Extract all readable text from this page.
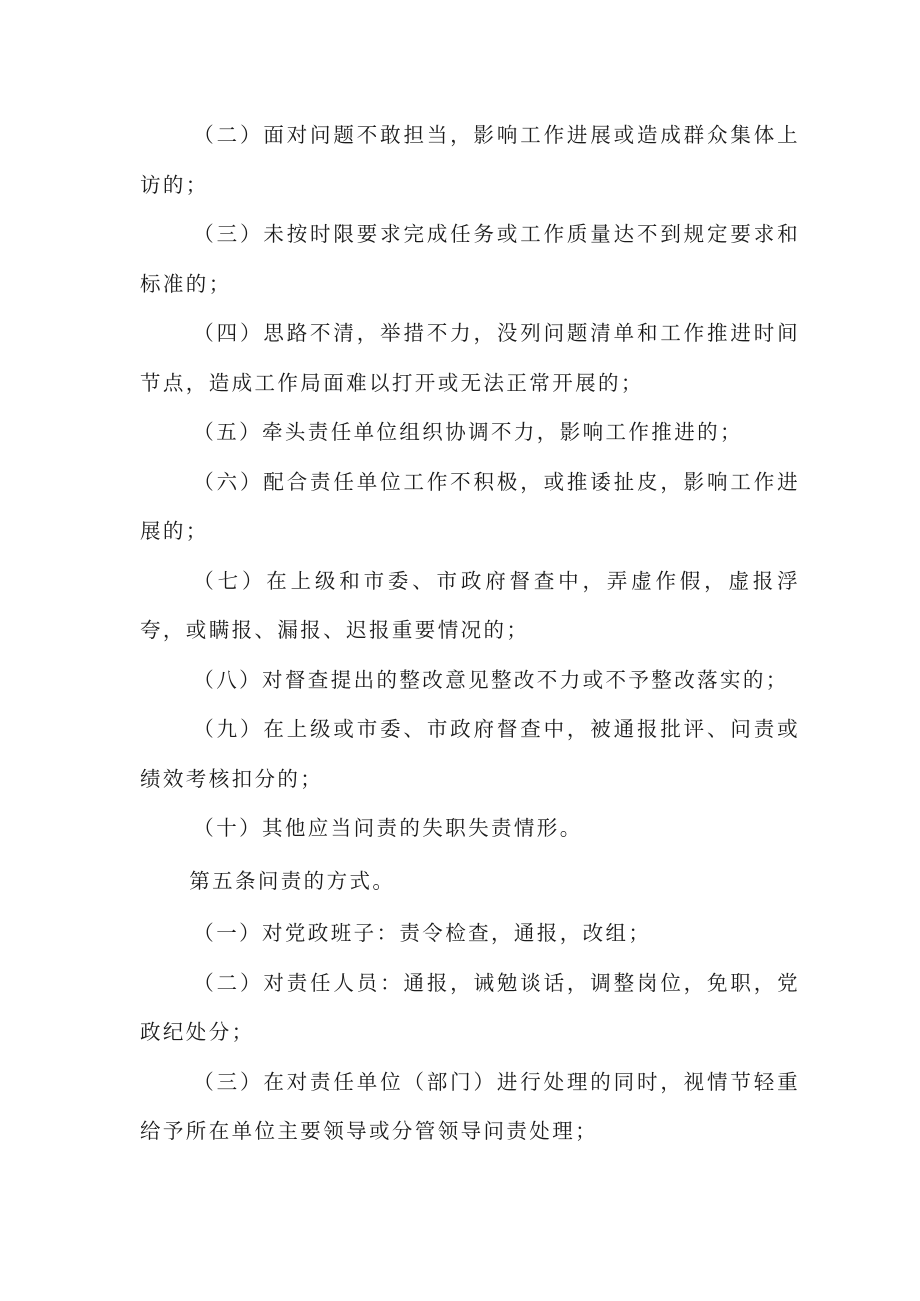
（二）面对问题不敢担当，影响工作进展或造成群众集体上访的；

（三）未按时限要求完成任务或工作质量达不到规定要求和标准的；

（四）思路不清，举措不力，没列问题清单和工作推进时间节点，造成工作局面难以打开或无法正常开展的；

（五）牵头责任单位组织协调不力，影响工作推进的；

（六）配合责任单位工作不积极，或推诿扯皮，影响工作进展的；

（七）在上级和市委、市政府督查中，弄虚作假，虚报浮夸，或瞒报、漏报、迟报重要情况的；

（八）对督查提出的整改意见整改不力或不予整改落实的；

（九）在上级或市委、市政府督查中，被通报批评、问责或绩效考核扣分的；

（十）其他应当问责的失职失责情形。

第五条问责的方式。

（一）对党政班子：责令检查，通报，改组；

（二）对责任人员：通报，诫勉谈话，调整岗位，免职，党政纪处分；

（三）在对责任单位（部门）进行处理的同时，视情节轻重给予所在单位主要领导或分管领导问责处理；
